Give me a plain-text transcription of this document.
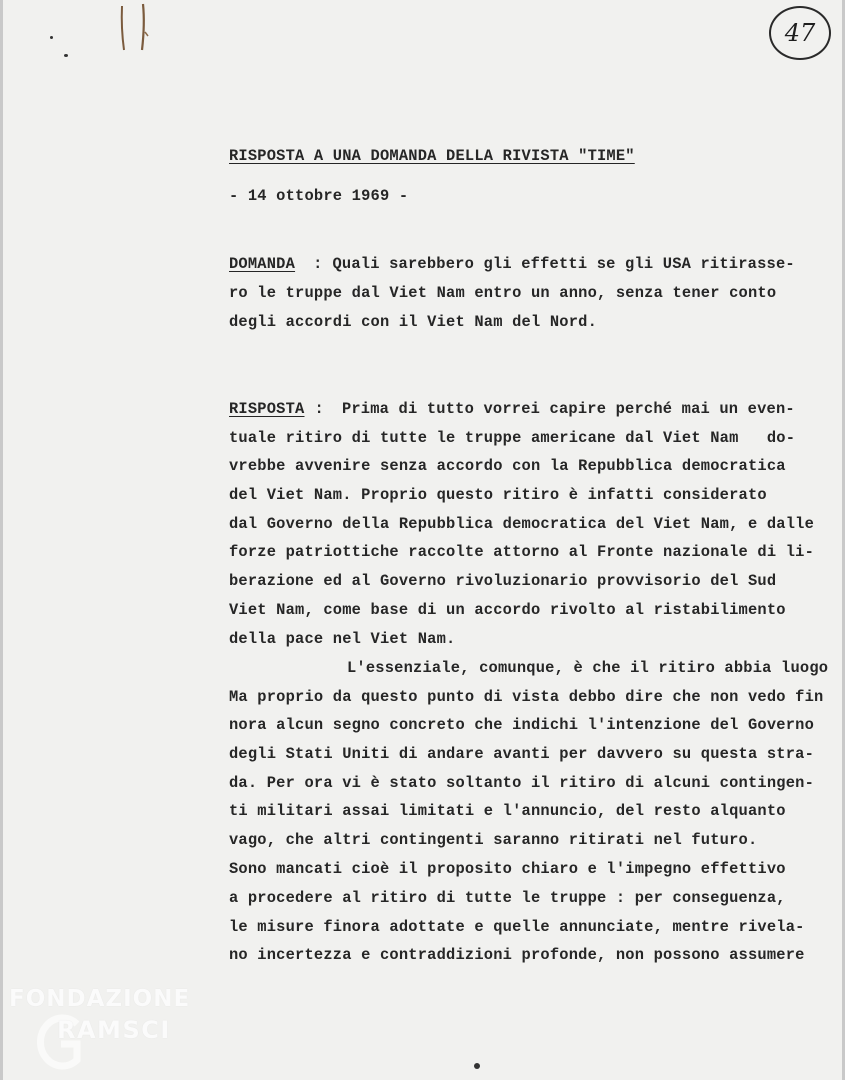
47
RISPOSTA A UNA DOMANDA DELLA RIVISTA "TIME"
- 14 ottobre 1969 -
DOMANDA : Quali sarebbero gli effetti se gli USA ritirasse-
ro le truppe dal Viet Nam entro un anno, senza tener conto
degli accordi con il Viet Nam del Nord.
RISPOSTA : Prima di tutto vorrei capire perché mai un even-
tuale ritiro di tutte le truppe americane dal Viet Nam   do-
vrebbe avvenire senza accordo con la Repubblica democratica
del Viet Nam. Proprio questo ritiro è infatti considerato
dal Governo della Repubblica democratica del Viet Nam, e dalle
forze patriottiche raccolte attorno al Fronte nazionale di li-
berazione ed al Governo rivoluzionario provvisorio del Sud
Viet Nam, come base di un accordo rivolto al ristabilimento
della pace nel Viet Nam.
L'essenziale, comunque, è che il ritiro abbia luogo
Ma proprio da questo punto di vista debbo dire che non vedo fin
nora alcun segno concreto che indichi l'intenzione del Governo
degli Stati Uniti di andare avanti per davvero su questa stra-
da. Per ora vi è stato soltanto il ritiro di alcuni contingen-
ti militari assai limitati e l'annuncio, del resto alquanto
vago, che altri contingenti saranno ritirati nel futuro.
Sono mancati cioè il proposito chiaro e l'impegno effettivo
a procedere al ritiro di tutte le truppe : per conseguenza,
le misure finora adottate e quelle annunciate, mentre rivela-
no incertezza e contraddizioni profonde, non possono assumere
FONDAZIONE
RAMSCI
